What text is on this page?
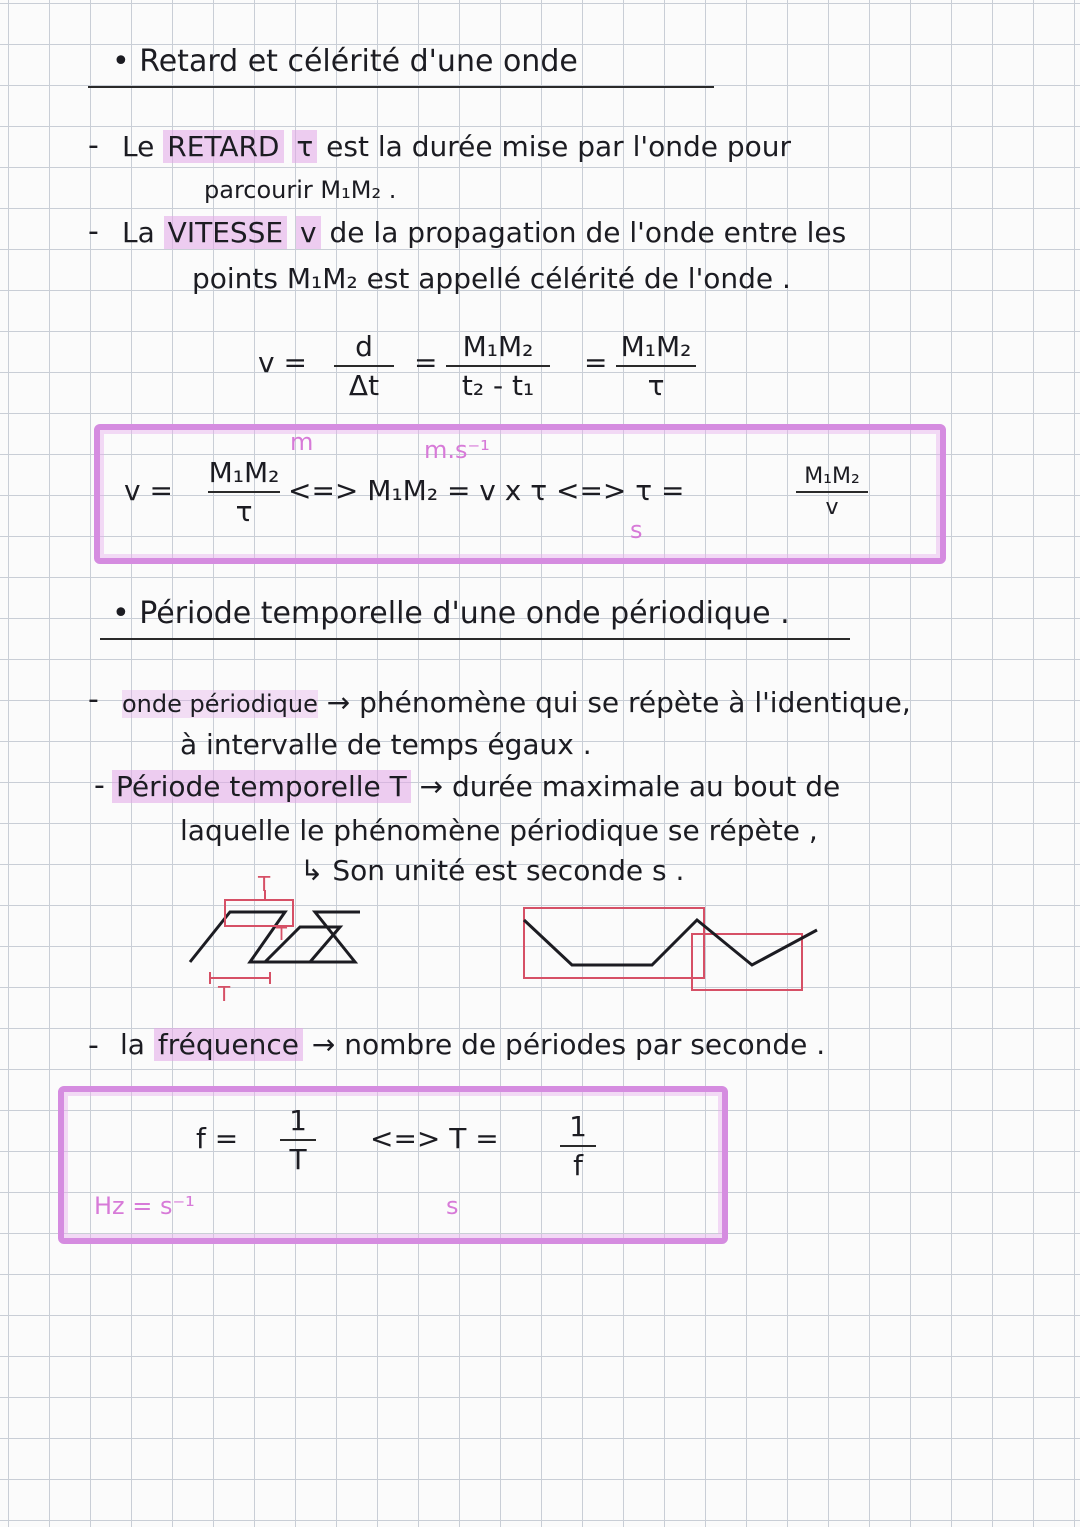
• Retard et célérité d'une onde
- Le RETARD τ est la durée mise par l'onde pour
parcourir M₁M₂ .
- La VITESSE v de la propagation de l'onde entre les
points M₁M₂ est appellé célérité de l'onde .
v = d
Δt
= M₁M₂
t₂ - t₁
= M₁M₂
τ
m	m.s⁻¹
v =
M₁M₂
τ
<=> M₁M₂ = v x τ <=> τ =	M₁M₂
v
s
• Période temporelle d'une onde périodique .
- onde périodique → phénomène qui se répète à l'identique,
à intervalle de temps égaux .
- Période temporelle T → durée maximale au bout de
laquelle le phénomène périodique se répète ,
↳ Son unité est seconde s .
T
T
T
- la fréquence → nombre de périodes par seconde .
f =
1
T
<=> T =	1
f
Hz = s⁻¹	s
